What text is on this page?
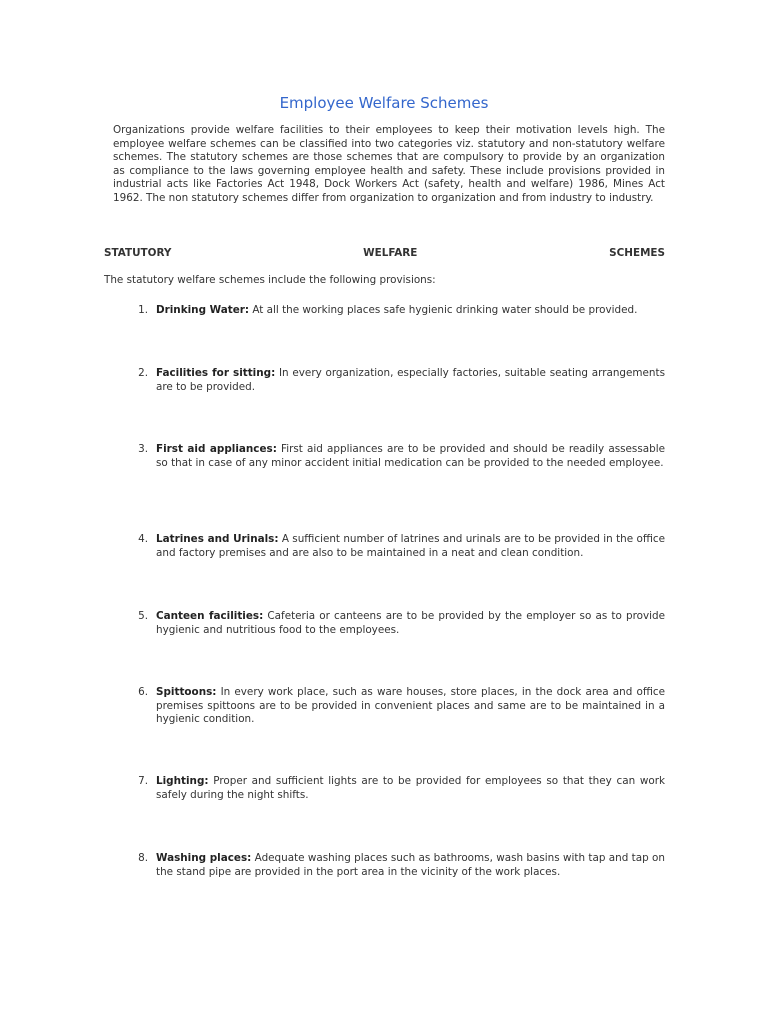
Employee Welfare Schemes
Organizations provide welfare facilities to their employees to keep their motivation levels high. The employee welfare schemes can be classified into two categories viz. statutory and non-statutory welfare schemes. The statutory schemes are those schemes that are compulsory to provide by an organization as compliance to the laws governing employee health and safety. These include provisions provided in industrial acts like Factories Act 1948, Dock Workers Act (safety, health and welfare) 1986, Mines Act 1962. The non statutory schemes differ from organization to organization and from industry to industry.
STATUTORY	WELFARE	SCHEMES
The statutory welfare schemes include the following provisions:
1. Drinking Water: At all the working places safe hygienic drinking water should be provided.
2. Facilities for sitting: In every organization, especially factories, suitable seating arrangements are to be provided.
3. First aid appliances: First aid appliances are to be provided and should be readily assessable so that in case of any minor accident initial medication can be provided to the needed employee.
4. Latrines and Urinals: A sufficient number of latrines and urinals are to be provided in the office and factory premises and are also to be maintained in a neat and clean condition.
5. Canteen facilities: Cafeteria or canteens are to be provided by the employer so as to provide hygienic and nutritious food to the employees.
6. Spittoons: In every work place, such as ware houses, store places, in the dock area and office premises spittoons are to be provided in convenient places and same are to be maintained in a hygienic condition.
7. Lighting: Proper and sufficient lights are to be provided for employees so that they can work safely during the night shifts.
8. Washing places: Adequate washing places such as bathrooms, wash basins with tap and tap on the stand pipe are provided in the port area in the vicinity of the work places.
